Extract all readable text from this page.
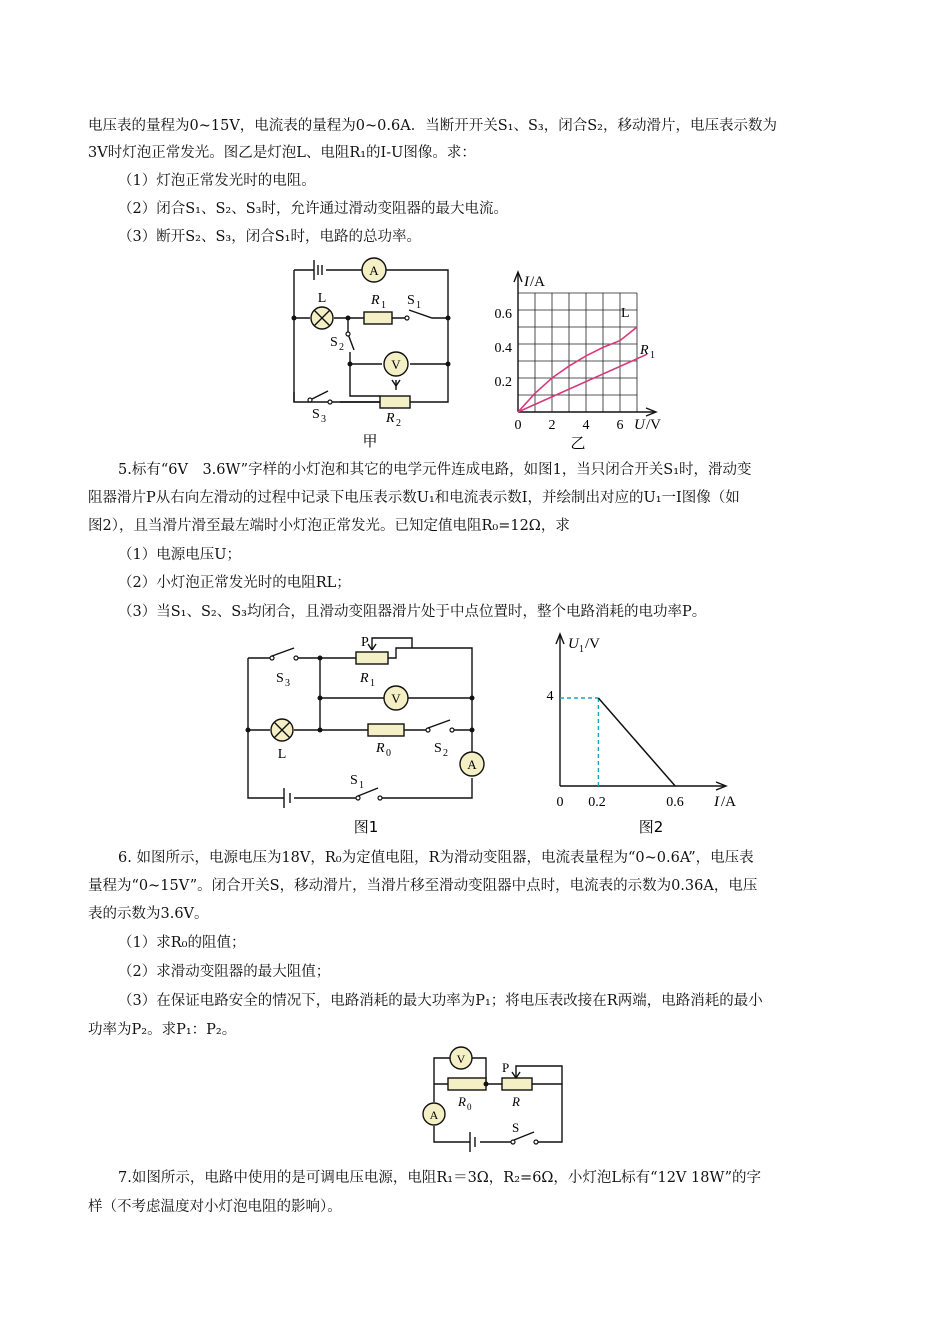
电压表的量程为0~15V，电流表的量程为0~0.6A．当断开开关S₁、S₃，闭合S₂，移动滑片，电压表示数为
3V时灯泡正常发光。图乙是灯泡L、电阻R₁的I-U图像。求：
（1）灯泡正常发光时的电阻。
（2）闭合S₁、S₂、S₃时，允许通过滑动变阻器的最大电流。
（3）断开S₂、S₃，闭合S₁时，电路的总功率。
A
L	R 1 S 1
S 2
V
R 2
S 3
甲
I /A
0.2
0.4
0.6
0 2 4 6 U /V
L
R 1
乙
5.标有“6V　3.6W”字样的小灯泡和其它的电学元件连成电路，如图1，当只闭合开关S₁时，滑动变
阻器滑片P从右向左滑动的过程中记录下电压表示数U₁和电流表示数I，并绘制出对应的U₁一I图像（如
图2），且当滑片滑至最左端时小灯泡正常发光。已知定值电阻R₀=12Ω，求
（1）电源电压U；
（2）小灯泡正常发光时的电阻RL；
（3）当S₁、S₂、S₃均闭合，且滑动变阻器滑片处于中点位置时，整个电路消耗的电功率P。
P
R 1
S 3
V
L	R 0	S 2
A
S 1
图1
U 1 /V
4
0 0.2	0.6 I /A
图2
6. 如图所示，电源电压为18V，R₀为定值电阻，R为滑动变阻器，电流表量程为“0~0.6A”，电压表
量程为“0~15V”。闭合开关S，移动滑片，当滑片移至滑动变阻器中点时，电流表的示数为0.36A，电压
表的示数为3.6V。
（1）求R₀的阻值；
（2）求滑动变阻器的最大阻值；
（3）在保证电路安全的情况下，电路消耗的最大功率为P₁；将电压表改接在R两端，电路消耗的最小
功率为P₂。求P₁：P₂。
V
R 0
P
R
A
S
7.如图所示，电路中使用的是可调电压电源，电阻R₁＝3Ω，R₂=6Ω，小灯泡L标有“12V 18W”的字
样（不考虑温度对小灯泡电阻的影响）。
